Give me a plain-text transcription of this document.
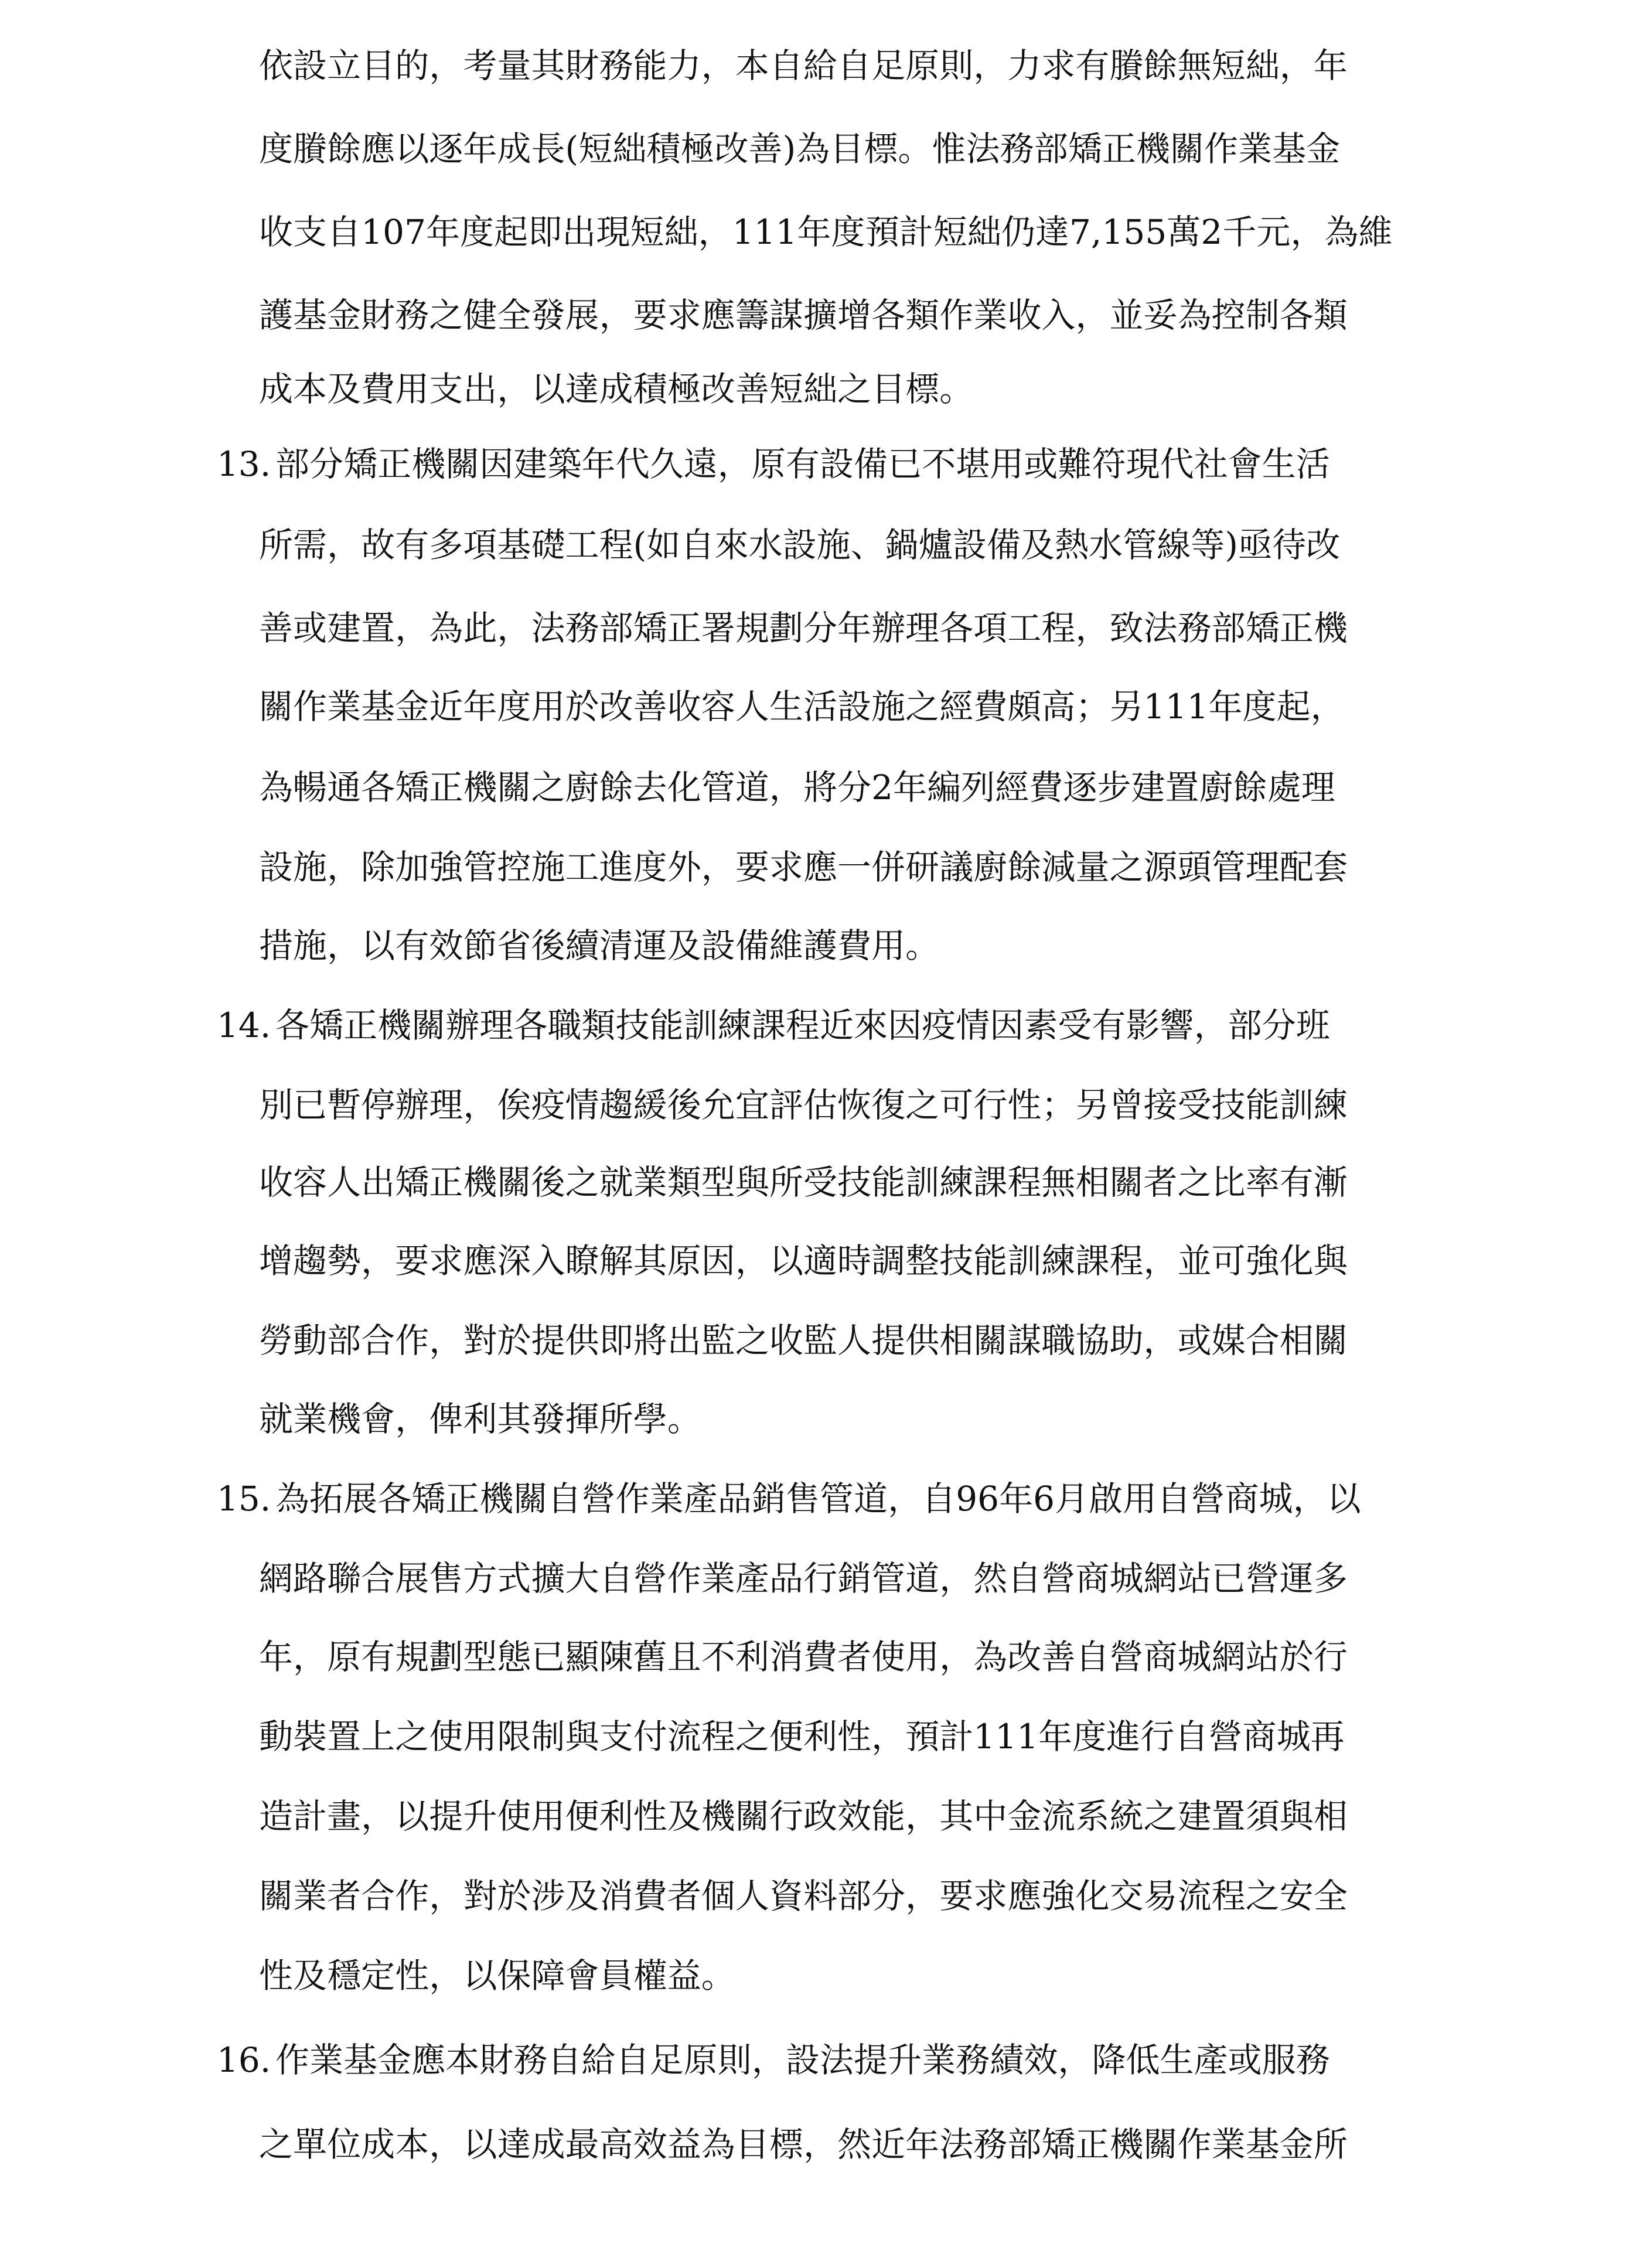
依設立目的，考量其財務能力，本自給自足原則，力求有賸餘無短絀，年
度賸餘應以逐年成長(短絀積極改善)為目標。惟法務部矯正機關作業基金
收支自107年度起即出現短絀，111年度預計短絀仍達7,155萬2千元，為維
護基金財務之健全發展，要求應籌謀擴增各類作業收入，並妥為控制各類
成本及費用支出，以達成積極改善短絀之目標。
13. 部分矯正機關因建築年代久遠，原有設備已不堪用或難符現代社會生活
所需，故有多項基礎工程(如自來水設施、鍋爐設備及熱水管線等)亟待改
善或建置，為此，法務部矯正署規劃分年辦理各項工程，致法務部矯正機
關作業基金近年度用於改善收容人生活設施之經費頗高；另111年度起，
為暢通各矯正機關之廚餘去化管道，將分2年編列經費逐步建置廚餘處理
設施，除加強管控施工進度外，要求應一併研議廚餘減量之源頭管理配套
措施，以有效節省後續清運及設備維護費用。
14. 各矯正機關辦理各職類技能訓練課程近來因疫情因素受有影響，部分班
別已暫停辦理，俟疫情趨緩後允宜評估恢復之可行性；另曾接受技能訓練
收容人出矯正機關後之就業類型與所受技能訓練課程無相關者之比率有漸
增趨勢，要求應深入瞭解其原因，以適時調整技能訓練課程，並可強化與
勞動部合作，對於提供即將出監之收監人提供相關謀職協助，或媒合相關
就業機會，俾利其發揮所學。
15. 為拓展各矯正機關自營作業產品銷售管道，自96年6月啟用自營商城，以
網路聯合展售方式擴大自營作業產品行銷管道，然自營商城網站已營運多
年，原有規劃型態已顯陳舊且不利消費者使用，為改善自營商城網站於行
動裝置上之使用限制與支付流程之便利性，預計111年度進行自營商城再
造計畫，以提升使用便利性及機關行政效能，其中金流系統之建置須與相
關業者合作，對於涉及消費者個人資料部分，要求應強化交易流程之安全
性及穩定性，以保障會員權益。
16. 作業基金應本財務自給自足原則，設法提升業務績效，降低生產或服務
之單位成本，以達成最高效益為目標，然近年法務部矯正機關作業基金所
